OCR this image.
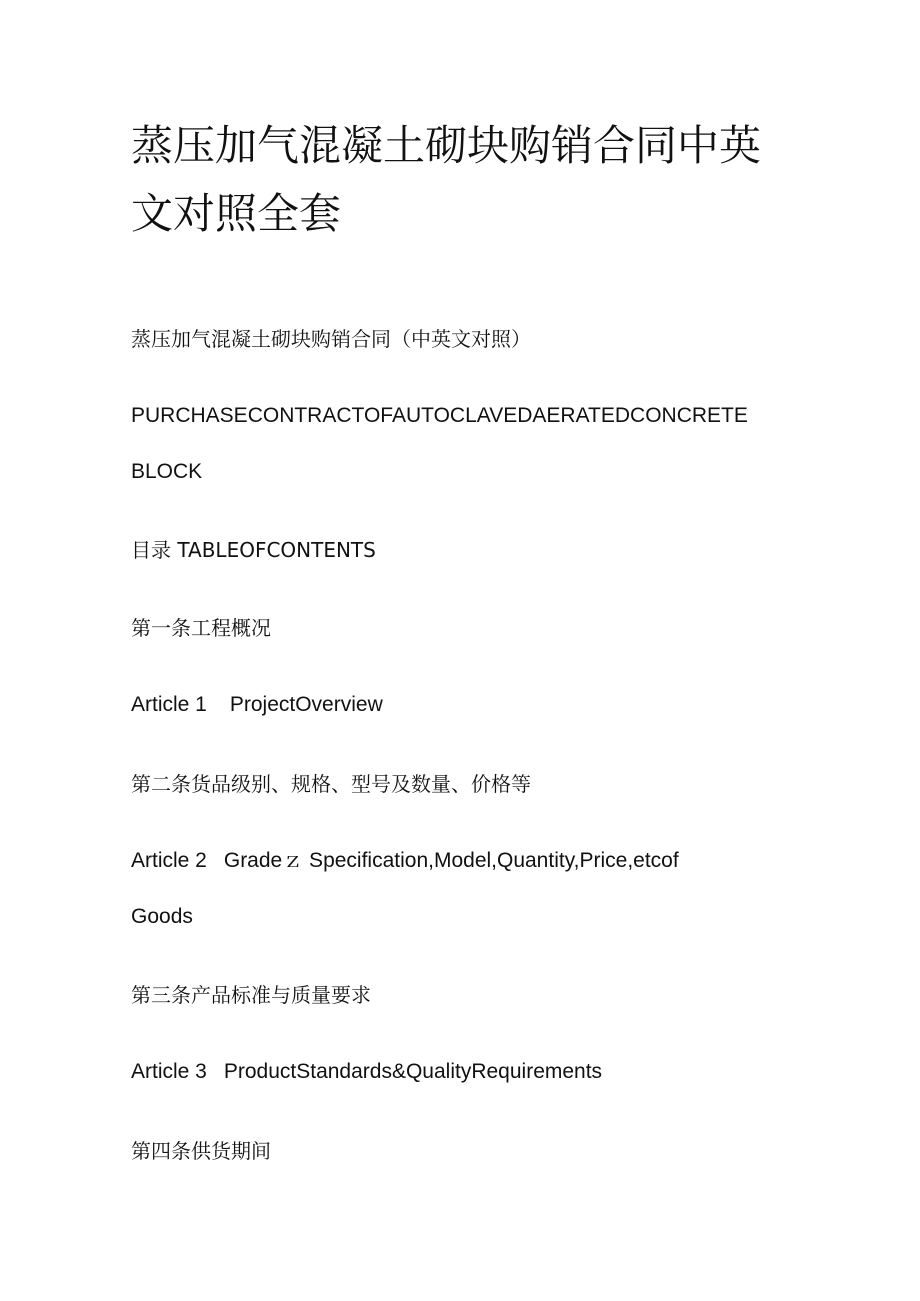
蒸压加气混凝土砌块购销合同中英文对照全套

蒸压加气混凝土砌块购销合同（中英文对照）

PURCHASECONTRACTOFAUTOCLAVEDAERATEDCONCRETE

BLOCK

目录 TABLEOFCONTENTS

第一条工程概况

Article 1 ProjectOverview

第二条货品级别、规格、型号及数量、价格等

Article 2 Gradeｚ Specification,Model,Quantity,Price,etcof

Goods

第三条产品标准与质量要求

Article 3 ProductStandards&QualityRequirements

第四条供货期间
